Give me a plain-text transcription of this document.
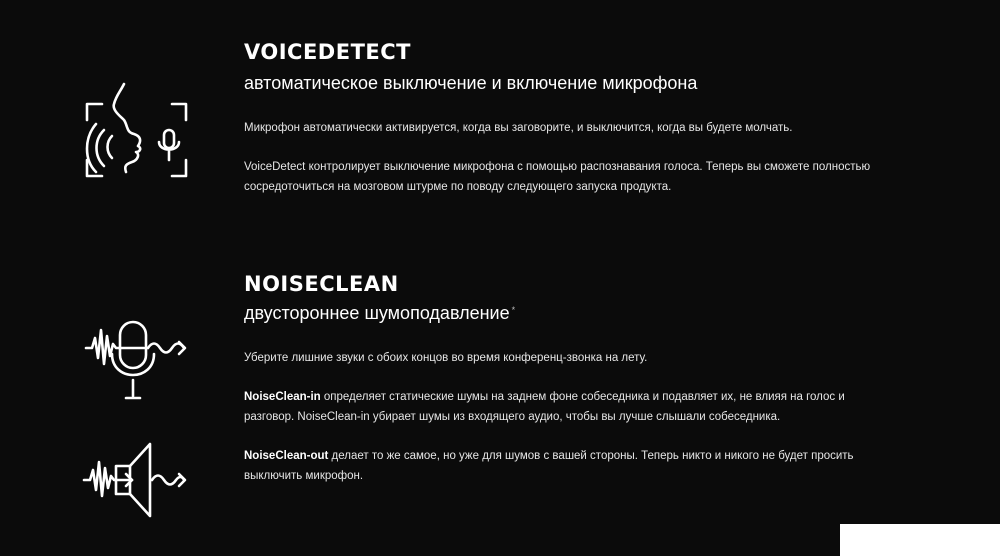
VOICEDETECT

автоматическое выключение и включение микрофона

Микрофон автоматически активируется, когда вы заговорите, и выключится, когда вы будете молчать.

VoiceDetect контролирует выключение микрофона с помощью распознавания голоса. Теперь вы сможете полностью сосредоточиться на мозговом штурме по поводу следующего запуска продукта.

NOISECLEAN

двустороннее шумоподавление *

Уберите лишние звуки с обоих концов во время конференц-звонка на лету.

NoiseClean-in определяет статические шумы на заднем фоне собеседника и подавляет их, не влияя на голос и разговор. NoiseClean-in убирает шумы из входящего аудио, чтобы вы лучше слышали собеседника.

NoiseClean-out делает то же самое, но уже для шумов с вашей стороны. Теперь никто и никого не будет просить выключить микрофон.
